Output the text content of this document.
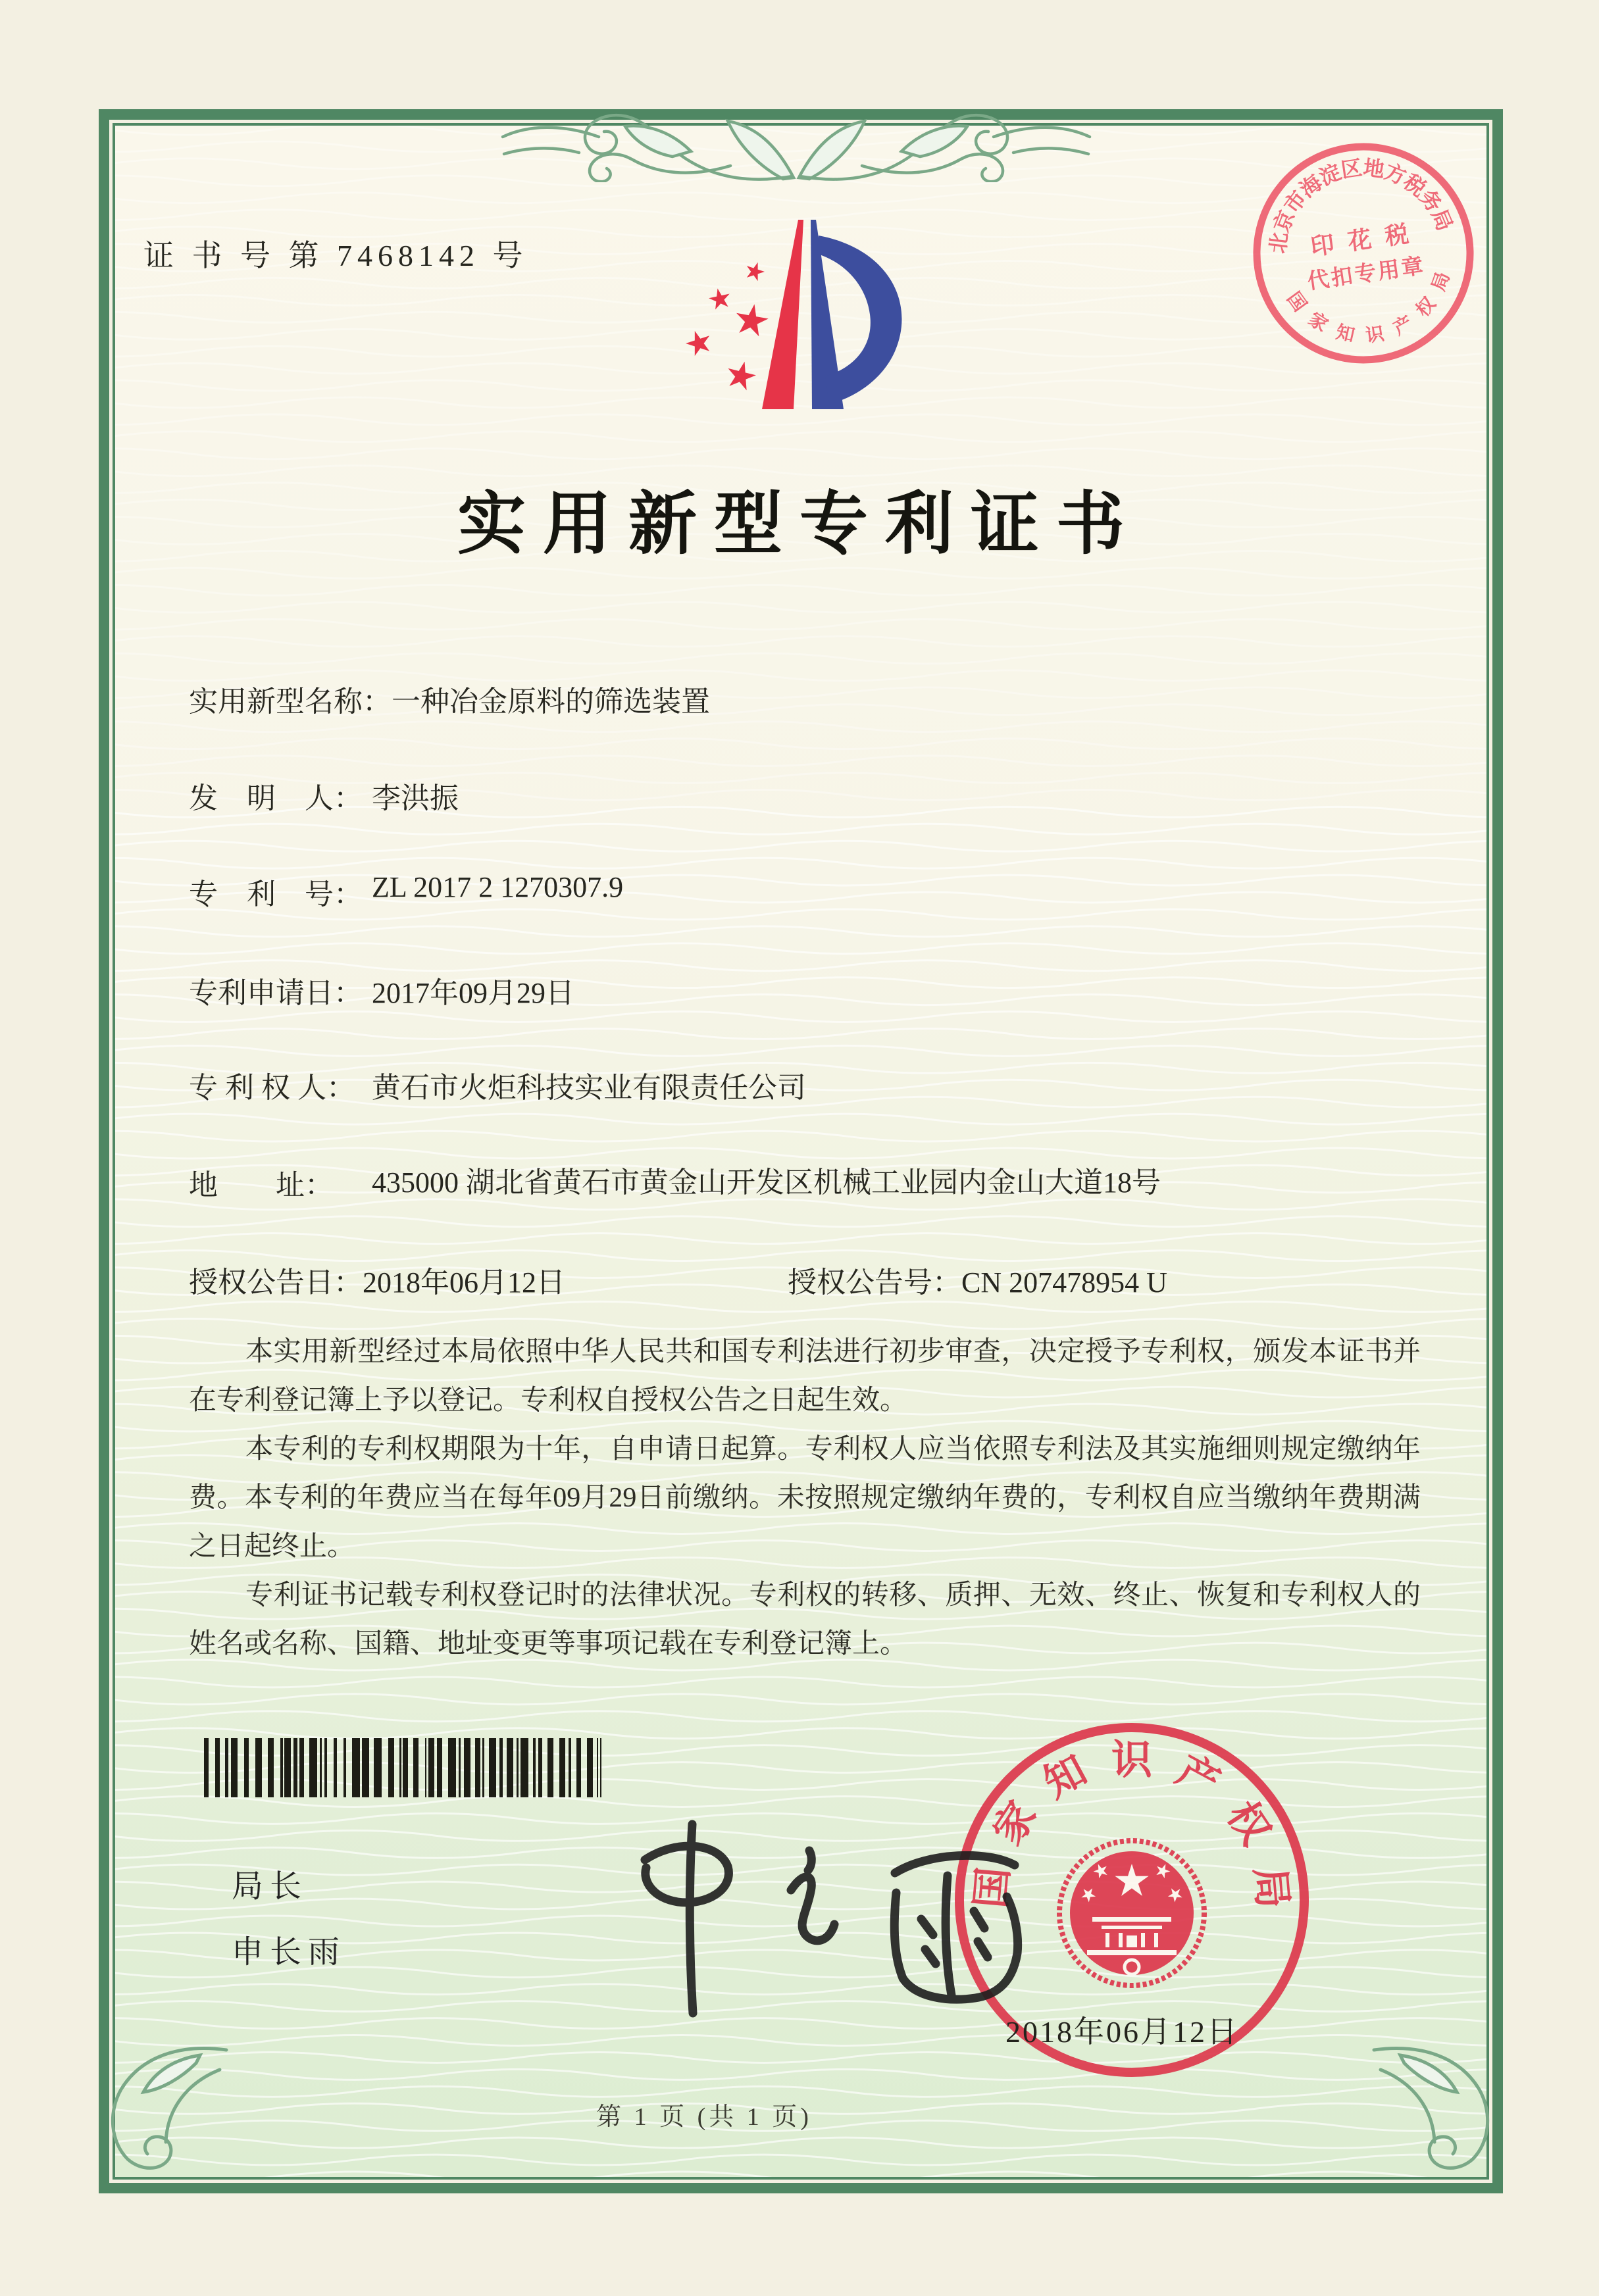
证 书 号 第 7468142 号	北
京
市
海
淀
区
地
方
税
务
局
国
家 知 识 产
权
局
印 花 税
代扣专用章
实用新型专利证书
实用新型名称： 一种冶金原料的筛选装置
发　明　人： 李洪振
专　利　号： ZL 2017 2 1270307.9
专利申请日： 2017年09月29日
专 利 权 人： 黄石市火炬科技实业有限责任公司
地　　址：	435000 湖北省黄石市黄金山开发区机械工业园内金山大道18号
授权公告日：2018年06月12日	授权公告号：CN 207478954 U

本实用新型经过本局依照中华人民共和国专利法进行初步审查，决定授予专利权，颁发本证书并在专利登记簿上予以登记。专利权自授权公告之日起生效。

本专利的专利权期限为十年，自申请日起算。专利权人应当依照专利法及其实施细则规定缴纳年费。本专利的年费应当在每年09月29日前缴纳。未按照规定缴纳年费的，专利权自应当缴纳年费期满之日起终止。

专利证书记载专利权登记时的法律状况。专利权的转移、质押、无效、终止、恢复和专利权人的姓名或名称、国籍、地址变更等事项记载在专利登记簿上。

局长
申长雨
国
家
知 识 产
权
局
2018年06月12日
第 1 页 (共 1 页)
